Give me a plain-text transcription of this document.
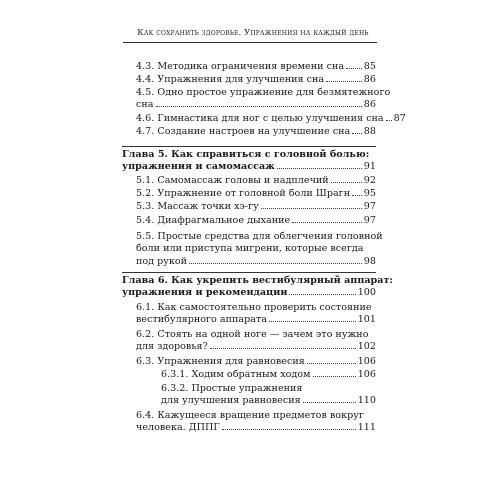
Как сохранить здоровье. Упражнения на каждый день
4.3. Методика ограничения времени сна 85
4.4. Упражнения для улучшения сна	86
4.5. Одно простое упражнение для безмятежного
сна	86
4.6. Гимнастика для ног с целью улучшения сна 87
4.7. Создание настроев на улучшение сна 88
Глава 5. Как справиться с головной болью:
упражнения и самомассаж	91
5.1. Самомассаж головы и надплечий	92
5.2. Упражнение от головной боли Шрагн 95
5.3. Массаж точки хэ-гу	97
5.4. Диафрагмальное дыхание	97
5.5. Простые средства для облегчения головной
боли или приступа мигрени, которые всегда
под рукой	98
Глава 6. Как укрепить вестибулярный аппарат:
упражнения и рекомендации	100
6.1. Как самостоятельно проверить состояние
вестибулярного аппарата	101
6.2. Стоять на одной ноге — зачем это нужно
для здоровья?	102
6.3. Упражнения для равновесия	106
6.3.1. Ходим обратным ходом	106
6.3.2. Простые упражнения
для улучшения равновесия	110
6.4. Кажущееся вращение предметов вокруг
человека. ДППГ	111
